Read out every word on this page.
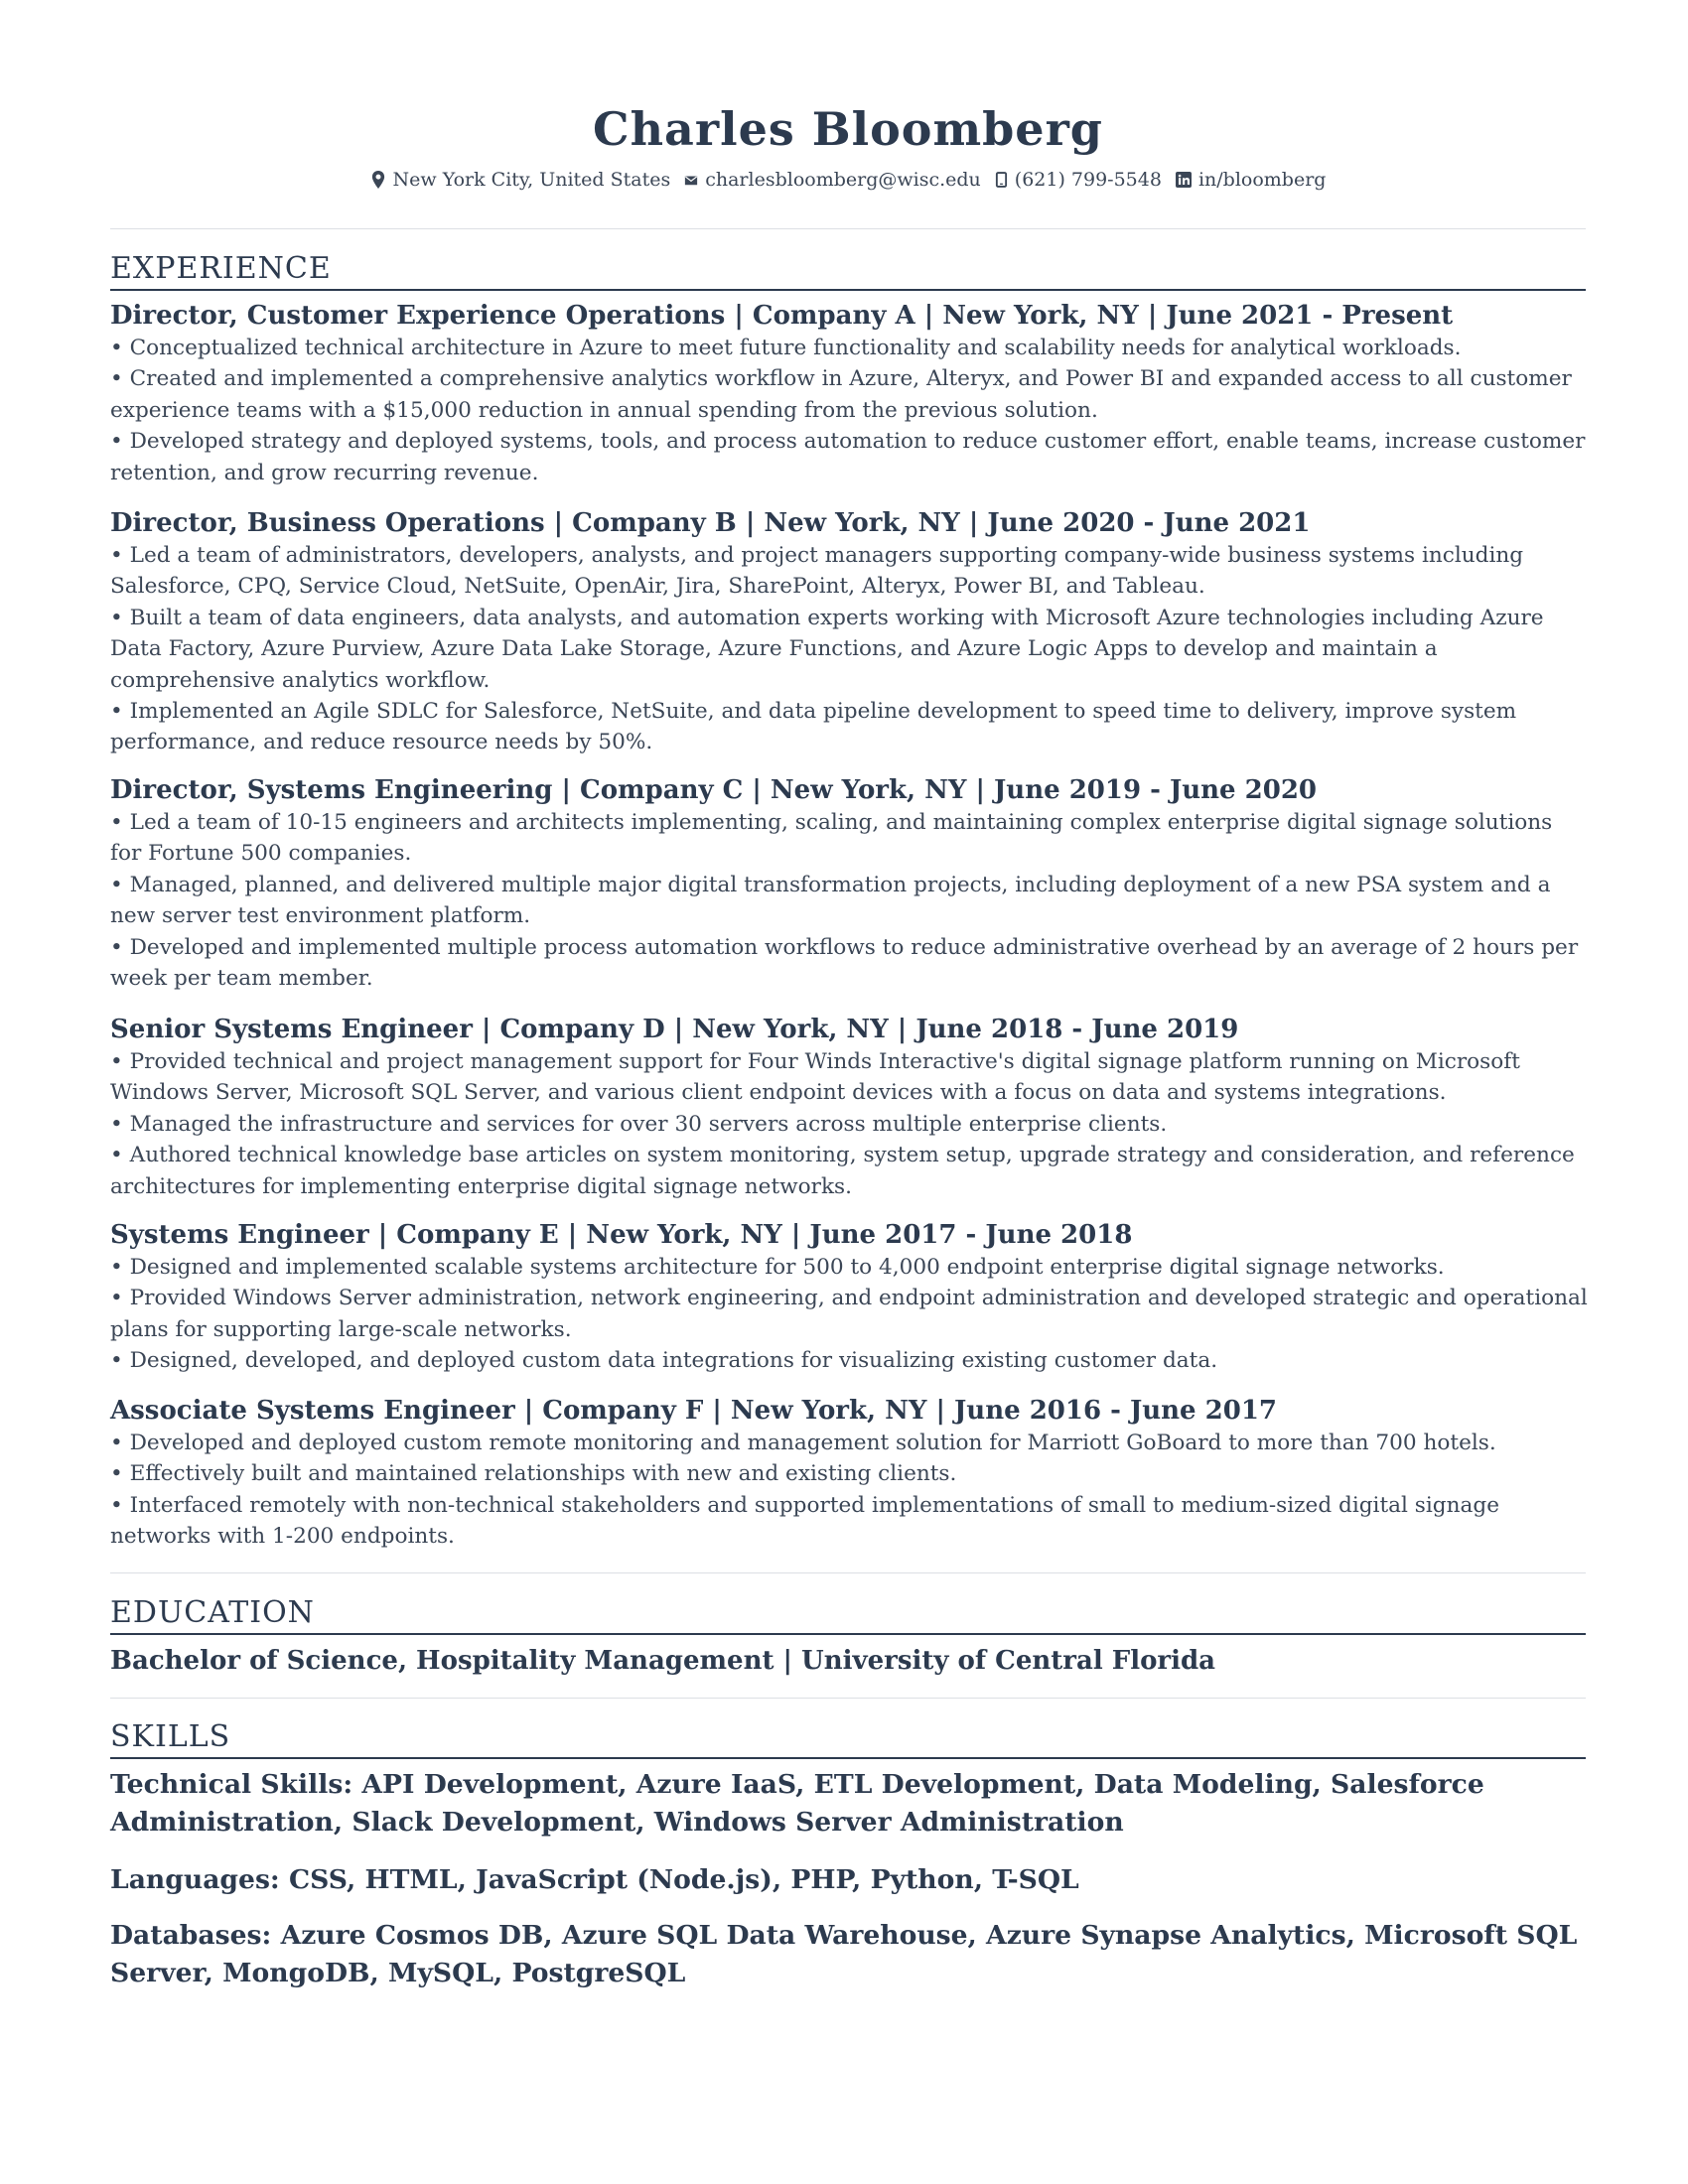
Charles Bloomberg
New York City, United States charlesbloomberg@wisc.edu (621) 799-5548 in/bloomberg
EXPERIENCE
Director, Customer Experience Operations | Company A | New York, NY | June 2021 - Present
• Conceptualized technical architecture in Azure to meet future functionality and scalability needs for analytical workloads.
• Created and implemented a comprehensive analytics workflow in Azure, Alteryx, and Power BI and expanded access to all customer experience teams with a $15,000 reduction in annual spending from the previous solution.
• Developed strategy and deployed systems, tools, and process automation to reduce customer effort, enable teams, increase customer retention, and grow recurring revenue.
Director, Business Operations | Company B | New York, NY | June 2020 - June 2021
• Led a team of administrators, developers, analysts, and project managers supporting company-wide business systems including Salesforce, CPQ, Service Cloud, NetSuite, OpenAir, Jira, SharePoint, Alteryx, Power BI, and Tableau.
• Built a team of data engineers, data analysts, and automation experts working with Microsoft Azure technologies including Azure Data Factory, Azure Purview, Azure Data Lake Storage, Azure Functions, and Azure Logic Apps to develop and maintain a comprehensive analytics workflow.
• Implemented an Agile SDLC for Salesforce, NetSuite, and data pipeline development to speed time to delivery, improve system performance, and reduce resource needs by 50%.
Director, Systems Engineering | Company C | New York, NY | June 2019 - June 2020
• Led a team of 10-15 engineers and architects implementing, scaling, and maintaining complex enterprise digital signage solutions for Fortune 500 companies.
• Managed, planned, and delivered multiple major digital transformation projects, including deployment of a new PSA system and a new server test environment platform.
• Developed and implemented multiple process automation workflows to reduce administrative overhead by an average of 2 hours per week per team member.
Senior Systems Engineer | Company D | New York, NY | June 2018 - June 2019
• Provided technical and project management support for Four Winds Interactive's digital signage platform running on Microsoft Windows Server, Microsoft SQL Server, and various client endpoint devices with a focus on data and systems integrations.
• Managed the infrastructure and services for over 30 servers across multiple enterprise clients.
• Authored technical knowledge base articles on system monitoring, system setup, upgrade strategy and consideration, and reference architectures for implementing enterprise digital signage networks.
Systems Engineer | Company E | New York, NY | June 2017 - June 2018
• Designed and implemented scalable systems architecture for 500 to 4,000 endpoint enterprise digital signage networks.
• Provided Windows Server administration, network engineering, and endpoint administration and developed strategic and operational plans for supporting large-scale networks.
• Designed, developed, and deployed custom data integrations for visualizing existing customer data.
Associate Systems Engineer | Company F | New York, NY | June 2016 - June 2017
• Developed and deployed custom remote monitoring and management solution for Marriott GoBoard to more than 700 hotels.
• Effectively built and maintained relationships with new and existing clients.
• Interfaced remotely with non-technical stakeholders and supported implementations of small to medium-sized digital signage networks with 1-200 endpoints.
EDUCATION
Bachelor of Science, Hospitality Management | University of Central Florida
SKILLS
Technical Skills: API Development, Azure IaaS, ETL Development, Data Modeling, Salesforce Administration, Slack Development, Windows Server Administration
Languages: CSS, HTML, JavaScript (Node.js), PHP, Python, T-SQL
Databases: Azure Cosmos DB, Azure SQL Data Warehouse, Azure Synapse Analytics, Microsoft SQL Server, MongoDB, MySQL, PostgreSQL
